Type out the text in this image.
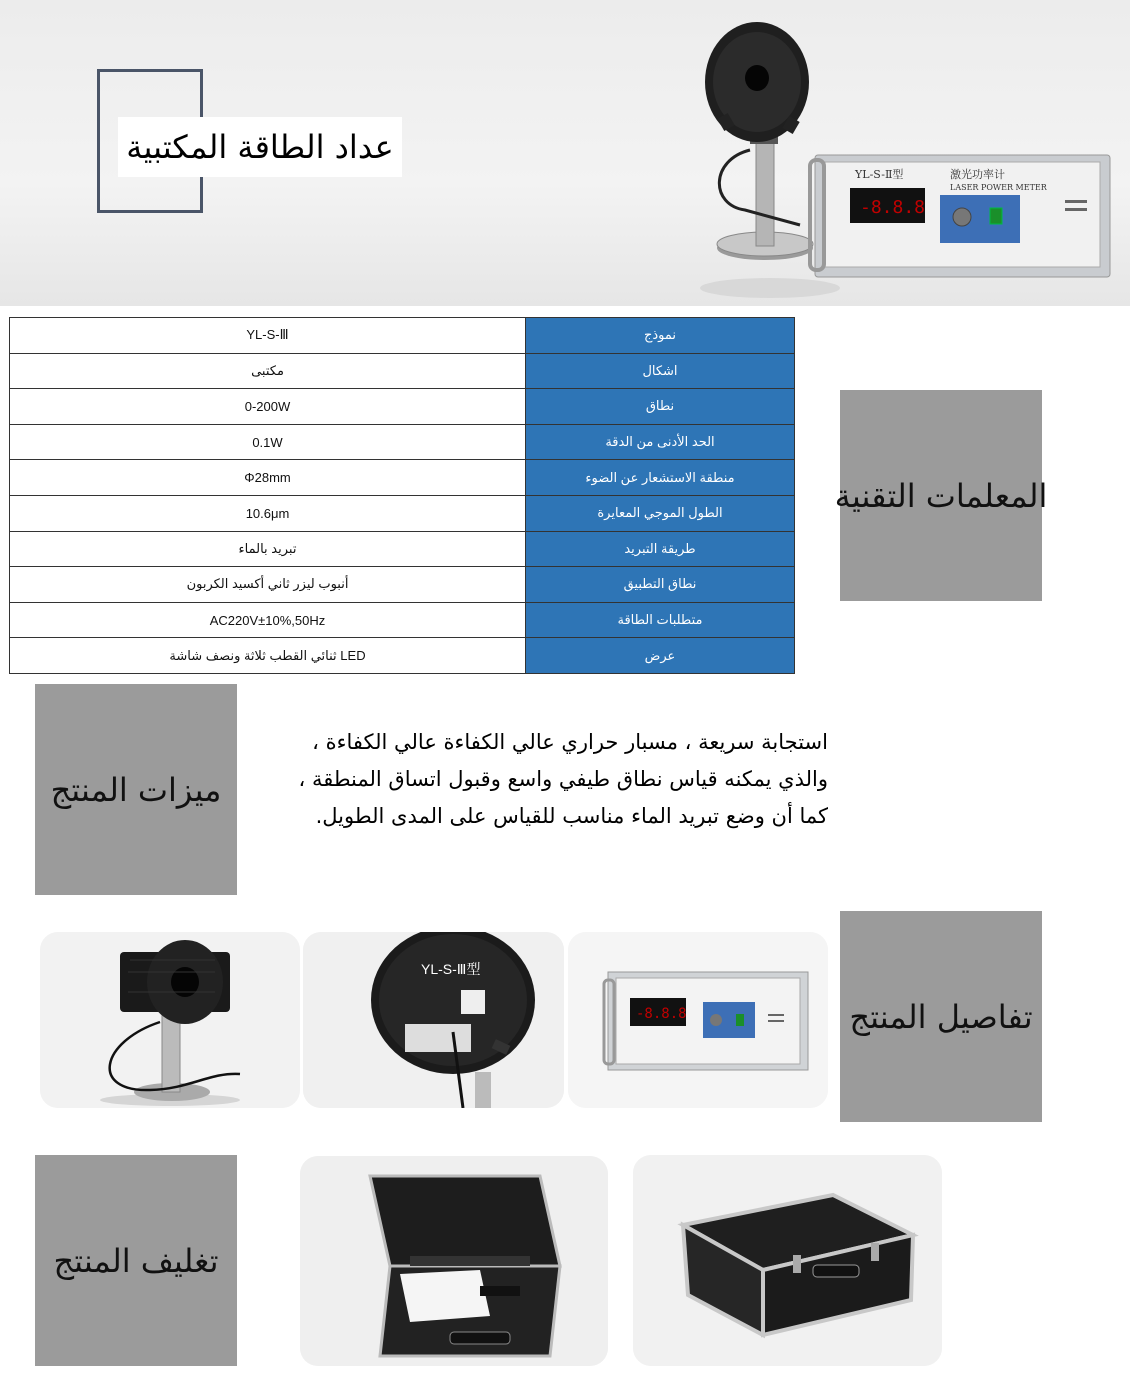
عداد الطاقة المكتبية
-8.8.8
YL-S-Ⅱ型	激光功率计
LASER POWER METER
YL-S-Ⅲ	نموذج
مكتبى	اشكال
0-200W	نطاق
0.1W	الحد الأدنى من الدقة
Φ28mm	منطقة الاستشعار عن الضوء
10.6μm	الطول الموجي المعايرة
تبريد بالماء	طريقة التبريد
أنبوب ليزر ثاني أكسيد الكربون	نطاق التطبيق
AC220V±10%,50Hz	متطلبات الطاقة
ثنائي القطب ثلاثة ونصف شاشة LED	عرض
المعلمات التقنية
ميزات المنتج
تفاصيل المنتج
تغليف المنتج

استجابة سريعة ، مسبار حراري عالي الكفاءة عالي الكفاءة ،

والذي يمكنه قياس نطاق طيفي واسع وقبول اتساق المنطقة ،

كما أن وضع تبريد الماء مناسب للقياس على المدى الطويل.

YL-S-Ⅲ型
-8.8.8
